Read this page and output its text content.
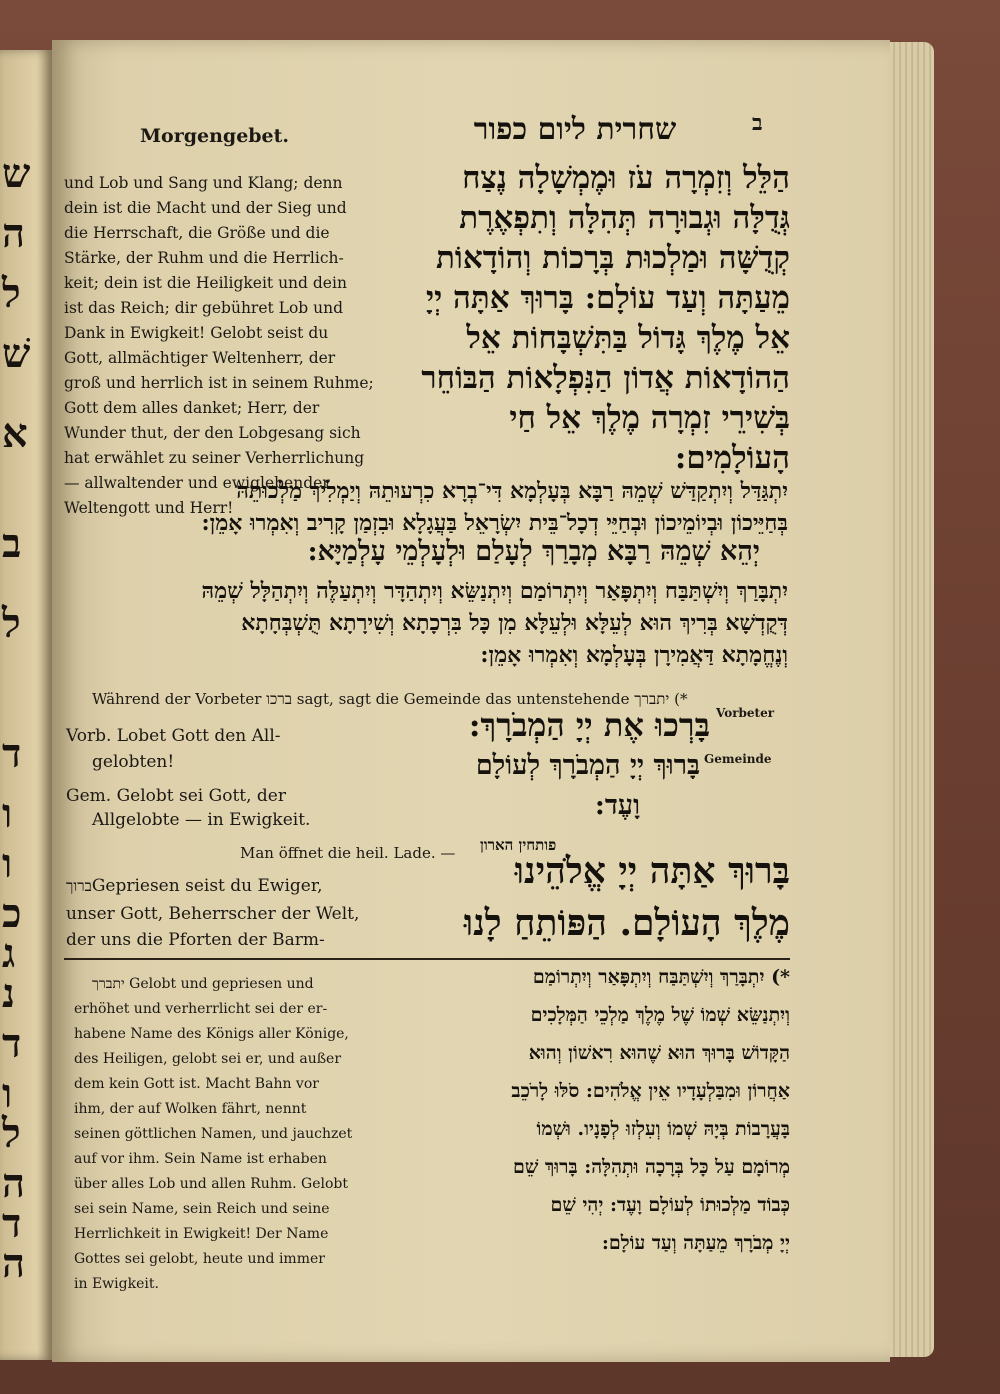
ש
ה
ל
שׁ
א
ב
ל
ד
ו
ו
כ
ג
נ
ד
ו
ל
ה
ד
ה
Morgengebet.	שחרית ליום כפור	ב
und Lob und Sang und Klang; denn
dein ist die Macht und der Sieg und
die Herrschaft, die Größe und die
Stärke, der Ruhm und die Herrlich-
keit; dein ist die Heiligkeit und dein
ist das Reich; dir gebühret Lob und
Dank in Ewigkeit! Gelobt seist du
Gott, allmächtiger Weltenherr, der
groß und herrlich ist in seinem Ruhme;
Gott dem alles danket; Herr, der
Wunder thut, der den Lobgesang sich
hat erwählet zu seiner Verherrlichung
— allwaltender und ewiglebender
Weltengott und Herr!
הַלֵּל וְזִמְרָה עֹז וּמֶמְשָׁלָה נֶצַח
גְּדֻלָּה וּגְבוּרָה תְּהִלָּה וְתִפְאֶרֶת
קְדֻשָּׁה וּמַלְכוּת בְּרָכוֹת וְהוֹדָאוֹת
מֵעַתָּה וְעַד עוֹלָם: בָּרוּךְ אַתָּה יְיָ
אֵל מֶלֶךְ גָּדוֹל בַּתִּשְׁבָּחוֹת אֵל
הַהוֹדָאוֹת אֲדוֹן הַנִּפְלָאוֹת הַבּוֹחֵר
בְּשִׁירֵי זִמְרָה מֶלֶךְ אֵל חַי
הָעוֹלָמִים:
יִתְגַּדַּל וְיִתְקַדַּשׁ שְׁמֵהּ רַבָּא בְּעָלְמָא דִּי־בְרָא כִרְעוּתֵהּ וְיַמְלִיךְ מַלְכוּתֵהּ
בְּחַיֵּיכוֹן וּבְיוֹמֵיכוֹן וּבְחַיֵּי דְכָל־בֵּית יִשְׂרָאֵל בַּעֲגָלָא וּבִזְמַן קָרִיב וְאִמְרוּ אָמֵן:
יְהֵא שְׁמֵהּ רַבָּא מְבָרַךְ לְעָלַם וּלְעָלְמֵי עָלְמַיָּא:
יִתְבָּרַךְ וְיִשְׁתַּבַּח וְיִתְפָּאַר וְיִתְרוֹמַם וְיִתְנַשֵּׂא וְיִתְהַדָּר וְיִתְעַלֶּה וְיִתְהַלָּל שְׁמֵהּ
דְּקֻדְשָׁא בְּרִיךְ הוּא לְעֵלָּא וּלְעֵלָּא מִן כָּל בִּרְכָתָא וְשִׁירָתָא תֻּשְׁבְּחָתָא
וְנֶחֱמָתָא דַּאֲמִירָן בְּעָלְמָא וְאִמְרוּ אָמֵן:
Während der Vorbeter ברכו sagt, sagt die Gemeinde das untenstehende יתברך (*
Vorb. Lobet Gott den All-
gelobten!
Gem. Gelobt sei Gott, der
Allgelobte — in Ewigkeit.
בָּרְכוּ אֶת יְיָ הַמְבֹרָךְ: Vorbeter
בָּרוּךְ יְיָ הַמְבֹרָךְ לְעוֹלָם Gemeinde
וָעֶד:
Man öffnet die heil. Lade. — פותחין הארון
ברוךGepriesen seist du Ewiger,
unser Gott, Beherrscher der Welt,
der uns die Pforten der Barm-
בָּרוּךְ אַתָּה יְיָ אֱלֹהֵינוּ
מֶלֶךְ הָעוֹלָם. הַפּוֹתֵחַ לָנוּ
יתברך Gelobt und gepriesen und
erhöhet und verherrlicht sei der er-
habene Name des Königs aller Könige,
des Heiligen, gelobt sei er, und außer
dem kein Gott ist. Macht Bahn vor
ihm, der auf Wolken fährt, nennt
seinen göttlichen Namen, und jauchzet
auf vor ihm. Sein Name ist erhaben
über alles Lob und allen Ruhm. Gelobt
sei sein Name, sein Reich und seine
Herrlichkeit in Ewigkeit! Der Name
Gottes sei gelobt, heute und immer
in Ewigkeit.
*) יִתְבָּרַךְ וְיִשְׁתַּבַּח וְיִתְפָּאַר וְיִתְרוֹמַם
וְיִתְנַשֵּׂא שְׁמוֹ שֶׁל מֶלֶךְ מַלְכֵי הַמְּלָכִים
הַקָּדוֹשׁ בָּרוּךְ הוּא שֶׁהוּא רִאשׁוֹן וְהוּא
אַחֲרוֹן וּמִבַּלְעָדָיו אֵין אֱלֹהִים: סֹלּוּ לָרֹכֵב
בָּעֲרָבוֹת בְּיָהּ שְׁמוֹ וְעִלְזוּ לְפָנָיו. וּשְׁמוֹ
מְרוֹמָם עַל כָּל בְּרָכָה וּתְהִלָּה: בָּרוּךְ שֵׁם
כְּבוֹד מַלְכוּתוֹ לְעוֹלָם וָעֶד: יְהִי שֵׁם
יְיָ מְבֹרָךְ מֵעַתָּה וְעַד עוֹלָם:
